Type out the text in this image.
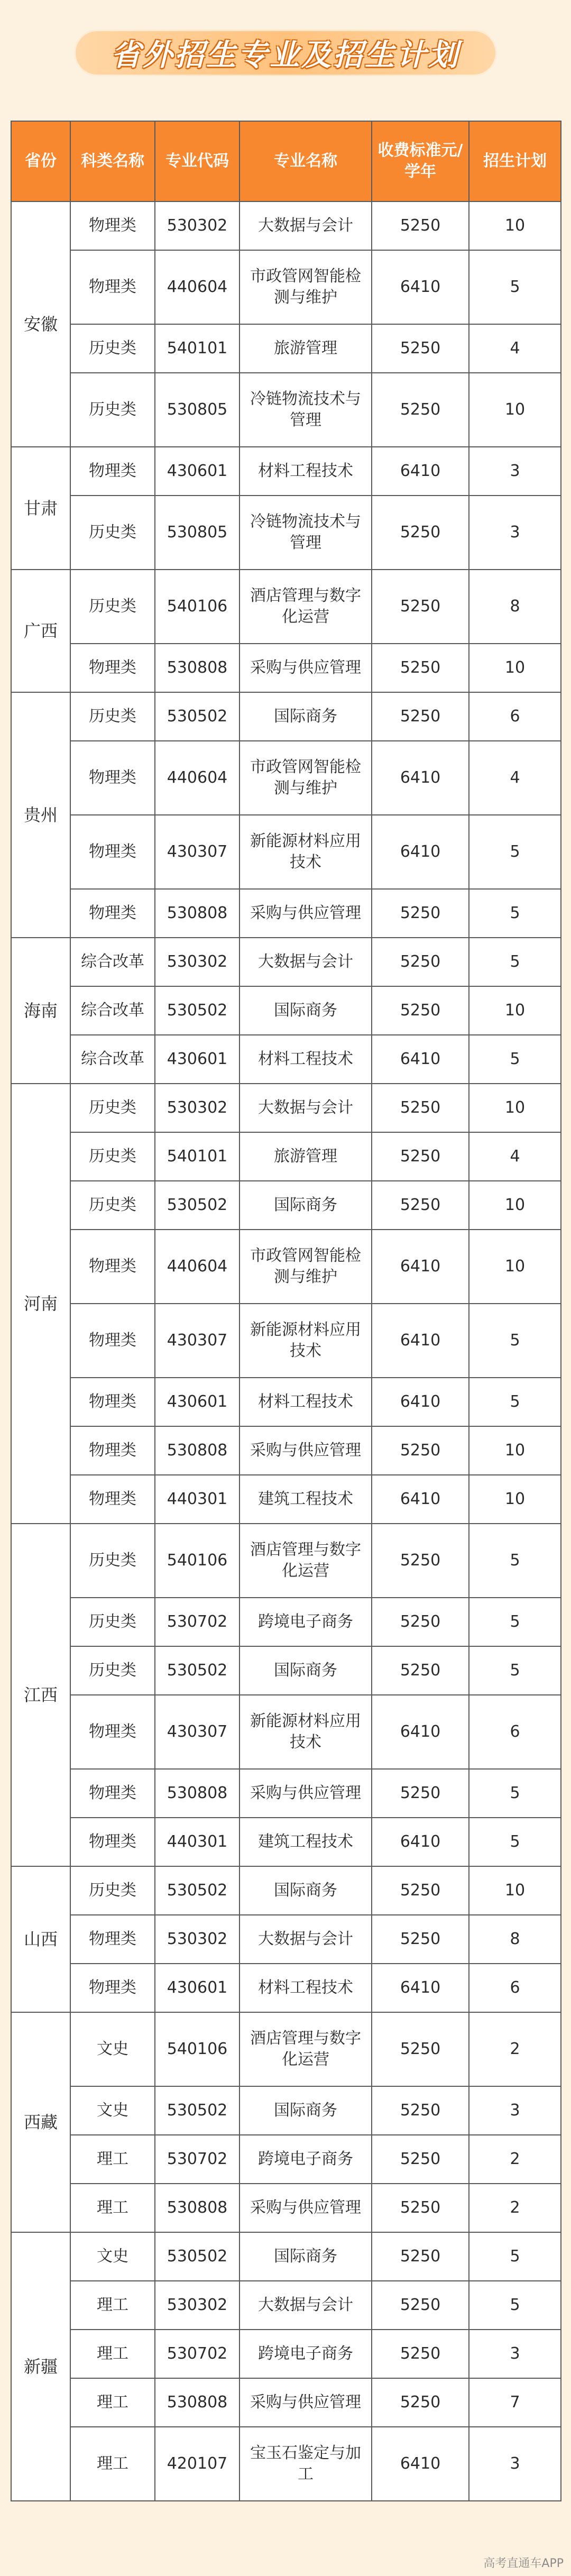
省外招生专业及招生计划
省份	科类名称	专业代码	专业名称	收费标准元/学年	招生计划
安徽	物理类	530302	大数据与会计	5250	10
	物理类	440604	市政管网智能检测与维护	6410	5
	历史类	540101	旅游管理	5250	4
	历史类	530805	冷链物流技术与管理	5250	10
甘肃	物理类	430601	材料工程技术	6410	3
	历史类	530805	冷链物流技术与管理	5250	3
广西	历史类	540106	酒店管理与数字化运营	5250	8
	物理类	530808	采购与供应管理	5250	10
贵州	历史类	530502	国际商务	5250	6
	物理类	440604	市政管网智能检测与维护	6410	4
	物理类	430307	新能源材料应用技术	6410	5
	物理类	530808	采购与供应管理	5250	5
海南	综合改革	530302	大数据与会计	5250	5
	综合改革	530502	国际商务	5250	10
	综合改革	430601	材料工程技术	6410	5
河南	历史类	530302	大数据与会计	5250	10
	历史类	540101	旅游管理	5250	4
	历史类	530502	国际商务	5250	10
	物理类	440604	市政管网智能检测与维护	6410	10
	物理类	430307	新能源材料应用技术	6410	5
	物理类	430601	材料工程技术	6410	5
	物理类	530808	采购与供应管理	5250	10
	物理类	440301	建筑工程技术	6410	10
江西	历史类	540106	酒店管理与数字化运营	5250	5
	历史类	530702	跨境电子商务	5250	5
	历史类	530502	国际商务	5250	5
	物理类	430307	新能源材料应用技术	6410	6
	物理类	530808	采购与供应管理	5250	5
	物理类	440301	建筑工程技术	6410	5
山西	历史类	530502	国际商务	5250	10
	物理类	530302	大数据与会计	5250	8
	物理类	430601	材料工程技术	6410	6
西藏	文史	540106	酒店管理与数字化运营	5250	2
	文史	530502	国际商务	5250	3
	理工	530702	跨境电子商务	5250	2
	理工	530808	采购与供应管理	5250	2
新疆	文史	530502	国际商务	5250	5
	理工	530302	大数据与会计	5250	5
	理工	530702	跨境电子商务	5250	3
	理工	530808	采购与供应管理	5250	7
	理工	420107	宝玉石鉴定与加工	6410	3
高考直通车APP
